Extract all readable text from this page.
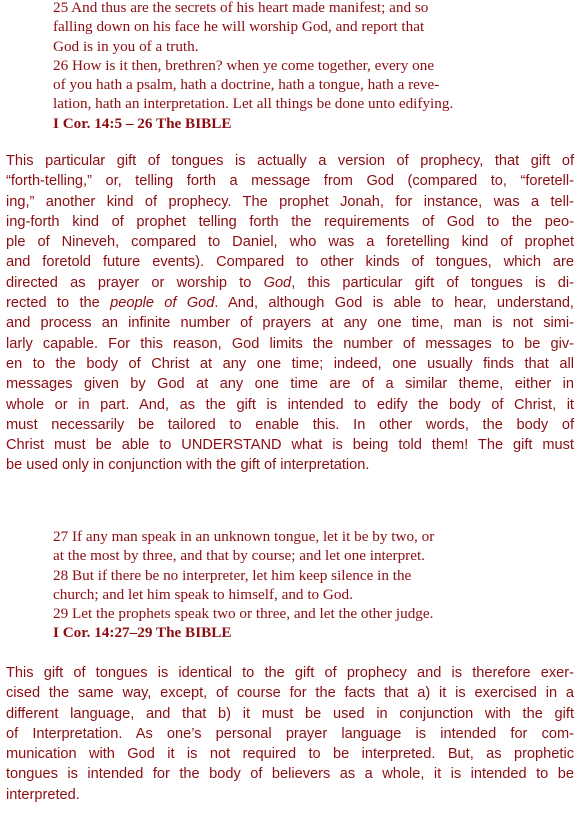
25 And thus are the secrets of his heart made manifest; and so
falling down on his face he will worship God, and report that
God is in you of a truth.
26 How is it then, brethren? when ye come together, every one
of you hath a psalm, hath a doctrine, hath a tongue, hath a reve-
lation, hath an interpretation. Let all things be done unto edifying.
I Cor. 14:5 – 26 The BIBLE
This particular gift of tongues is actually a version of prophecy, that gift of
“forth-telling,” or, telling forth a message from God (compared to, “foretell-
ing,” another kind of prophecy. The prophet Jonah, for instance, was a tell-
ing-forth kind of prophet telling forth the requirements of God to the peo-
ple of Nineveh, compared to Daniel, who was a foretelling kind of prophet
and foretold future events). Compared to other kinds of tongues, which are
directed as prayer or worship to God, this particular gift of tongues is di-
rected to the people of God. And, although God is able to hear, understand,
and process an infinite number of prayers at any one time, man is not simi-
larly capable. For this reason, God limits the number of messages to be giv-
en to the body of Christ at any one time; indeed, one usually finds that all
messages given by God at any one time are of a similar theme, either in
whole or in part. And, as the gift is intended to edify the body of Christ, it
must necessarily be tailored to enable this. In other words, the body of
Christ must be able to UNDERSTAND what is being told them! The gift must
be used only in conjunction with the gift of interpretation.
27 If any man speak in an unknown tongue, let it be by two, or
at the most by three, and that by course; and let one interpret.
28 But if there be no interpreter, let him keep silence in the
church; and let him speak to himself, and to God.
29 Let the prophets speak two or three, and let the other judge.
I Cor. 14:27–29 The BIBLE
This gift of tongues is identical to the gift of prophecy and is therefore exer-
cised the same way, except, of course for the facts that a) it is exercised in a
different language, and that b) it must be used in conjunction with the gift
of Interpretation. As one’s personal prayer language is intended for com-
munication with God it is not required to be interpreted. But, as prophetic
tongues is intended for the body of believers as a whole, it is intended to be
interpreted.
